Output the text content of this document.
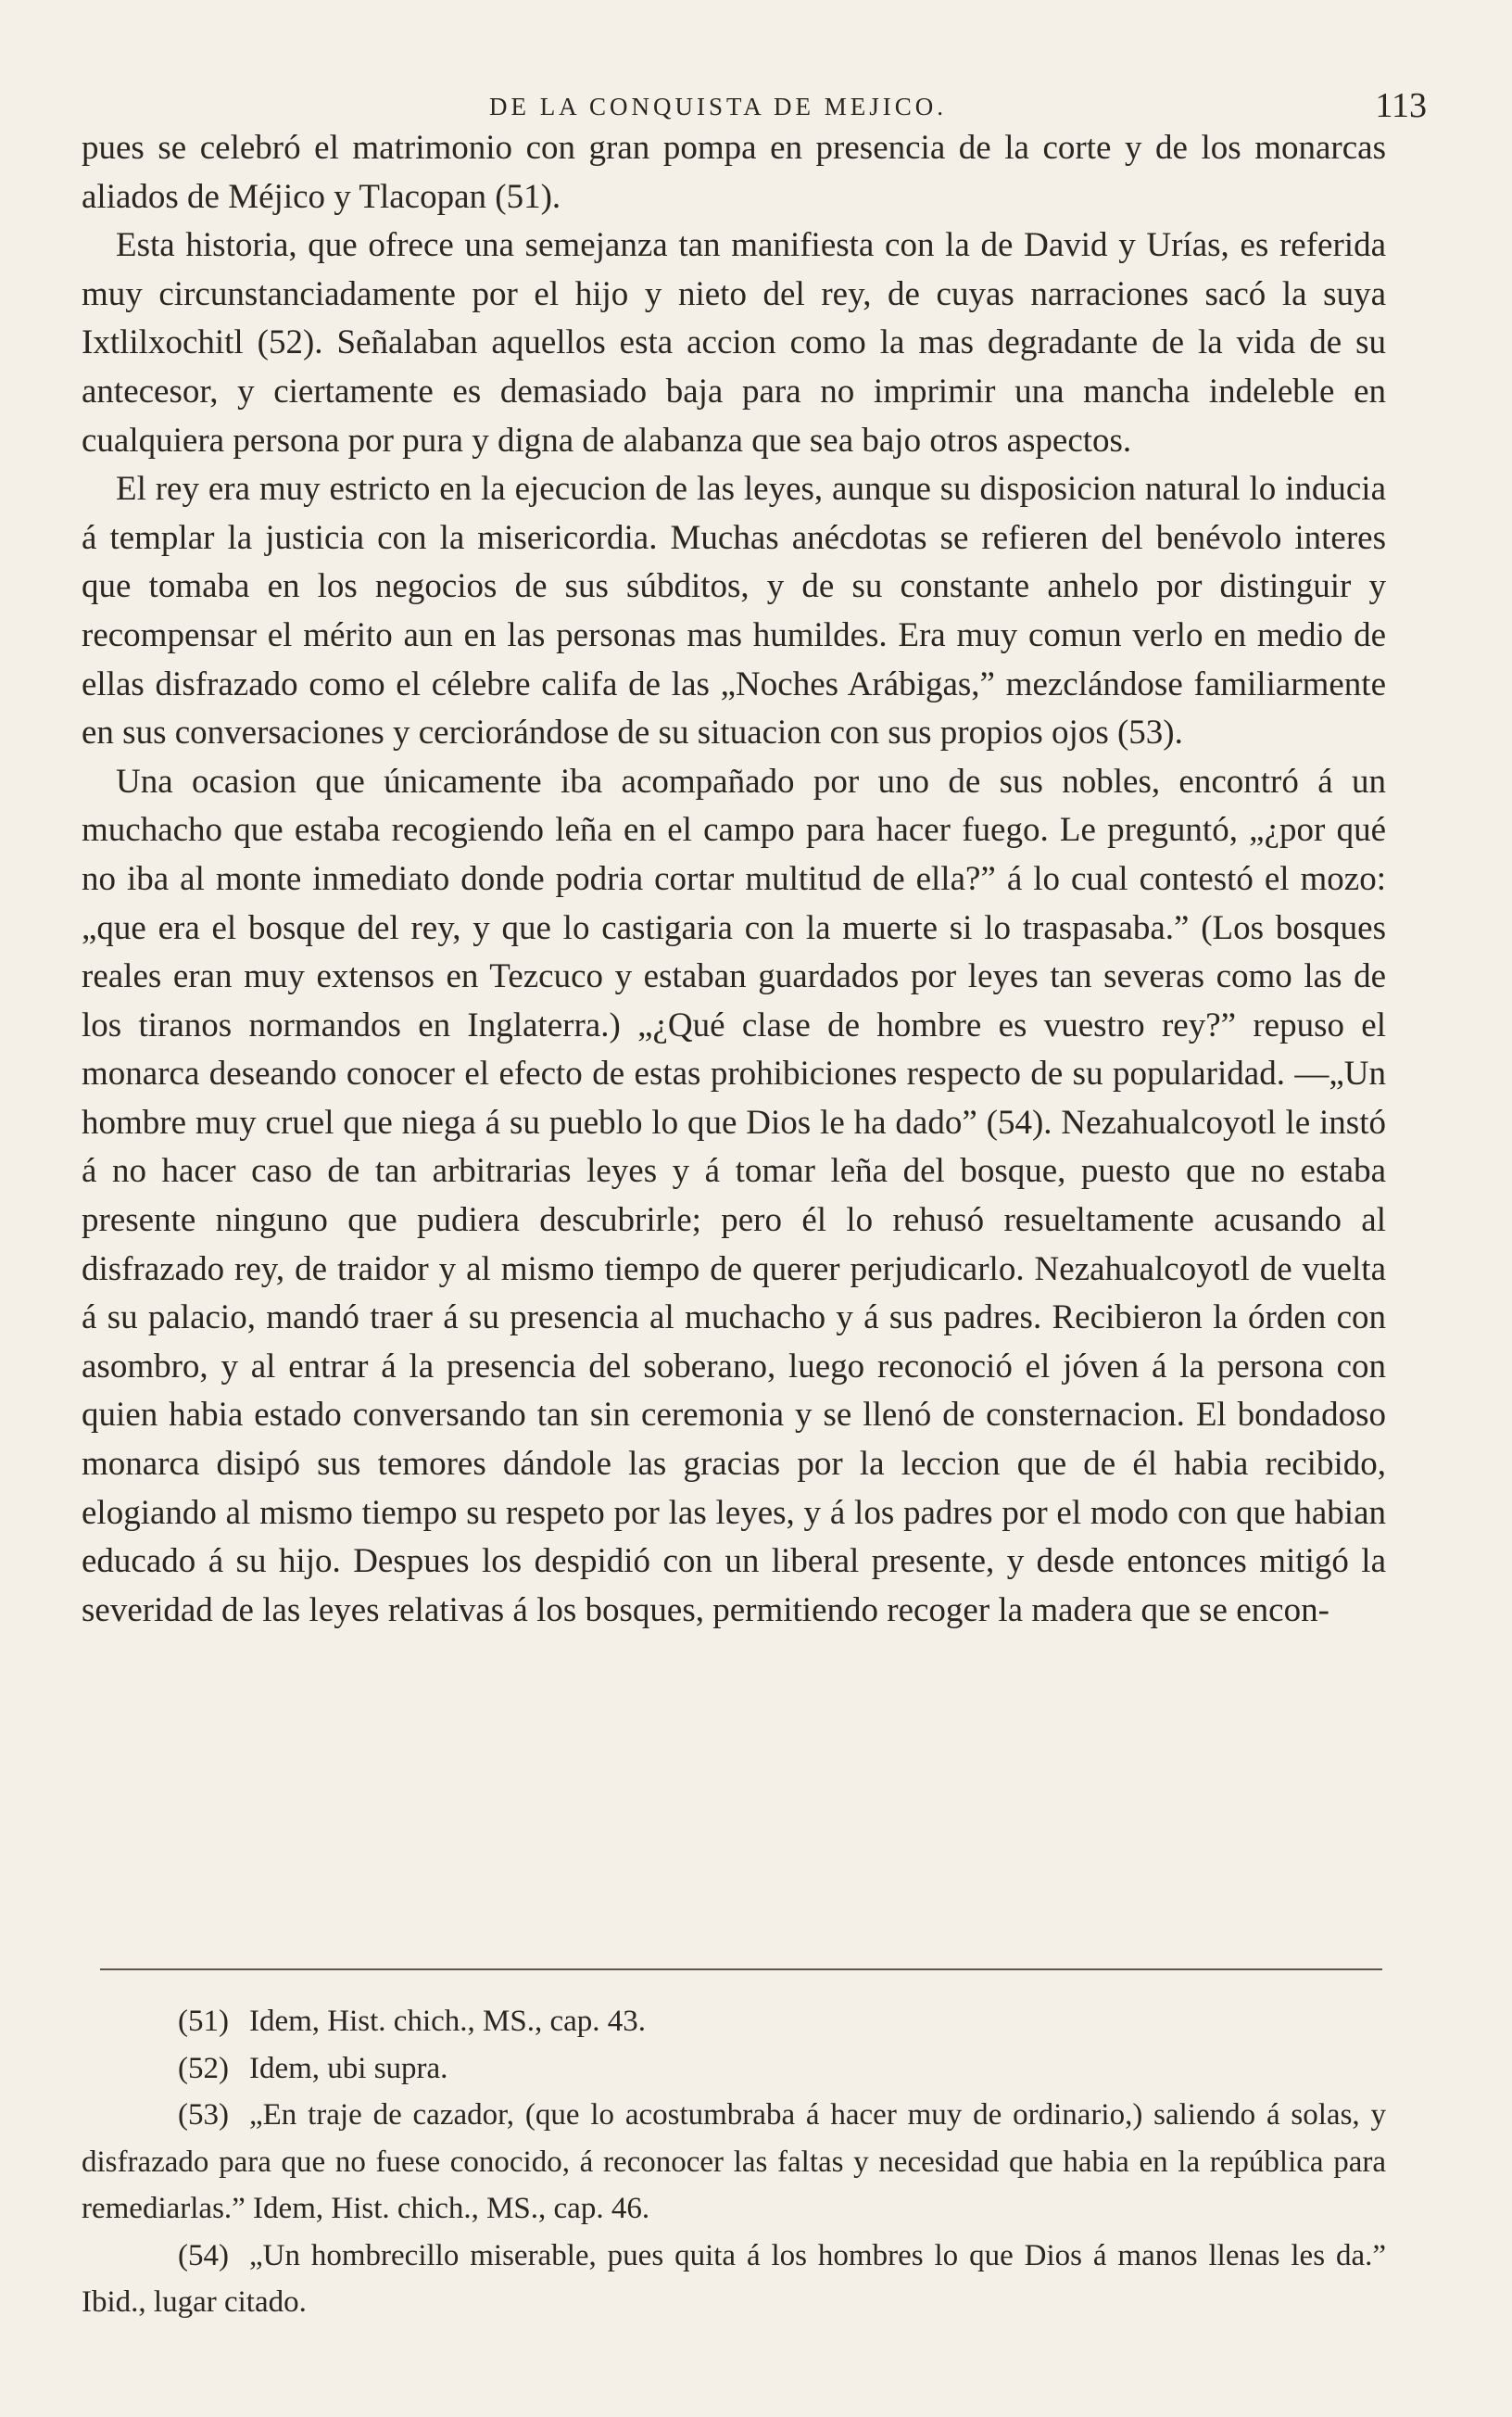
DE LA CONQUISTA DE MEJICO.	113

pues se celebró el matrimonio con gran pompa en presencia de la corte y de los monarcas aliados de Méjico y Tlacopan (51).

Esta historia, que ofrece una semejanza tan manifiesta con la de David y Urías, es referida muy circunstanciadamente por el hijo y nieto del rey, de cuyas narraciones sacó la suya Ixtlilxochitl (52). Señalaban aquellos esta accion como la mas degradante de la vida de su antecesor, y ciertamente es demasiado baja para no imprimir una mancha indeleble en cualquiera persona por pura y digna de alabanza que sea bajo otros aspectos.

El rey era muy estricto en la ejecucion de las leyes, aunque su disposicion natural lo inducia á templar la justicia con la misericordia. Muchas anécdotas se refieren del benévolo interes que tomaba en los negocios de sus súbditos, y de su constante anhelo por distinguir y recompensar el mérito aun en las personas mas humildes. Era muy comun verlo en medio de ellas disfrazado como el célebre califa de las „Noches Arábigas,” mezclándose familiarmente en sus conversaciones y cerciorándose de su situacion con sus propios ojos (53).

Una ocasion que únicamente iba acompañado por uno de sus nobles, encontró á un muchacho que estaba recogiendo leña en el campo para hacer fuego. Le preguntó, „¿por qué no iba al monte inmediato donde podria cortar multitud de ella?” á lo cual contestó el mozo: „que era el bosque del rey, y que lo castigaria con la muerte si lo traspasaba.” (Los bosques reales eran muy extensos en Tezcuco y estaban guardados por leyes tan severas como las de los tiranos normandos en Inglaterra.) „¿Qué clase de hombre es vuestro rey?” repuso el monarca deseando conocer el efecto de estas prohibiciones respecto de su popularidad. —„Un hombre muy cruel que niega á su pueblo lo que Dios le ha dado” (54). Nezahualcoyotl le instó á no hacer caso de tan arbitrarias leyes y á tomar leña del bosque, puesto que no estaba presente ninguno que pudiera descubrirle; pero él lo rehusó resueltamente acusando al disfrazado rey, de traidor y al mismo tiempo de querer perjudicarlo. Nezahualcoyotl de vuelta á su palacio, mandó traer á su presencia al muchacho y á sus padres. Recibieron la órden con asombro, y al entrar á la presencia del soberano, luego reconoció el jóven á la persona con quien habia estado conversando tan sin ceremonia y se llenó de consternacion. El bondadoso monarca disipó sus temores dándole las gracias por la leccion que de él habia recibido, elogiando al mismo tiempo su respeto por las leyes, y á los padres por el modo con que habian educado á su hijo. Despues los despidió con un liberal presente, y desde entonces mitigó la severidad de las leyes relativas á los bosques, permitiendo recoger la madera que se encon-

(51) Idem, Hist. chich., MS., cap. 43.

(52) Idem, ubi supra.

(53) „En traje de cazador, (que lo acostumbraba á hacer muy de ordinario,) saliendo á solas, y disfrazado para que no fuese conocido, á reconocer las faltas y necesidad que habia en la república para remediarlas.” Idem, Hist. chich., MS., cap. 46.

(54) „Un hombrecillo miserable, pues quita á los hombres lo que Dios á manos llenas les da.” Ibid., lugar citado.
